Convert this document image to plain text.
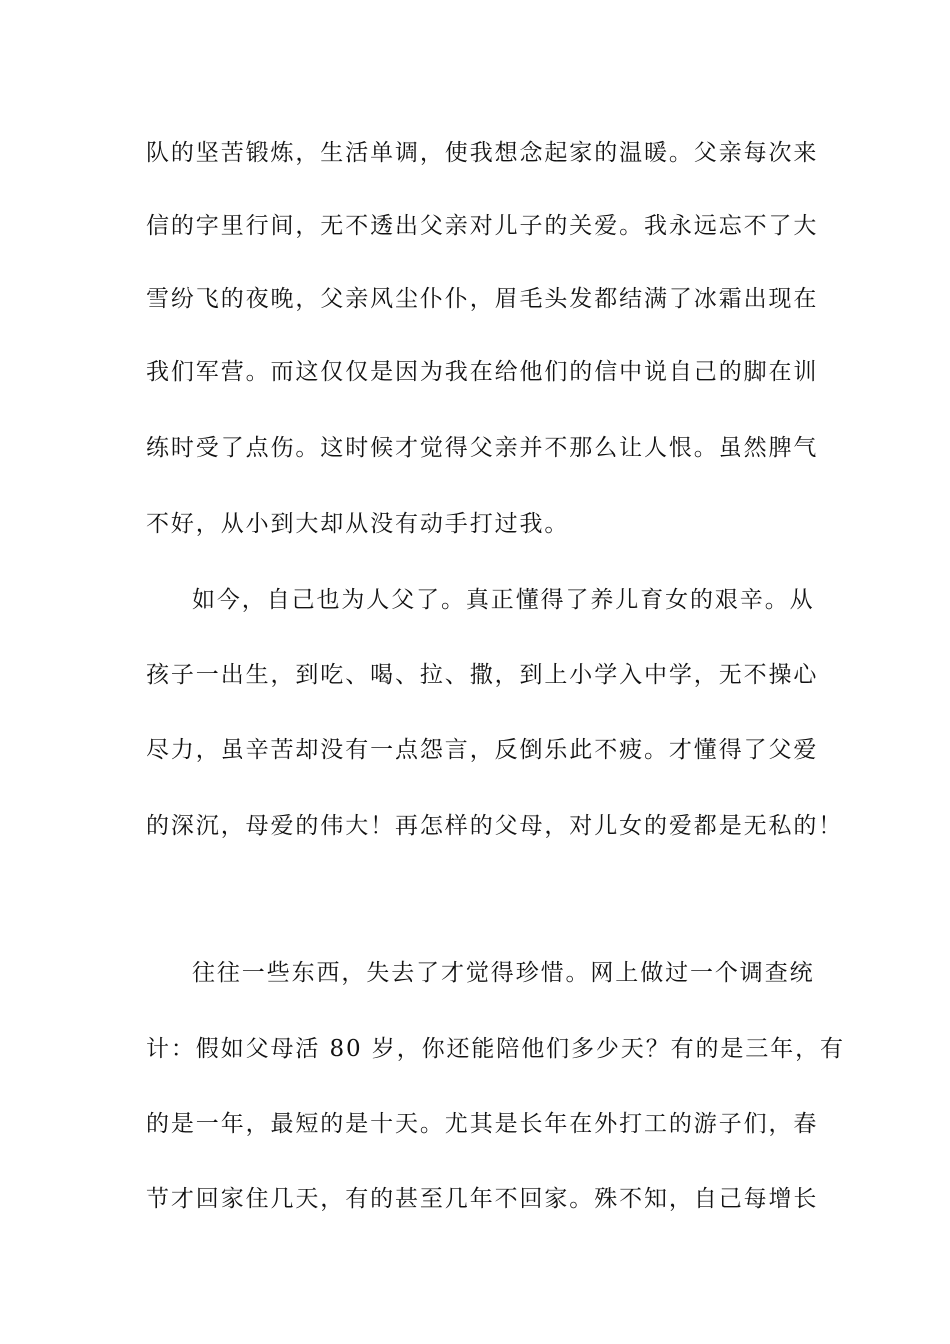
队的坚苦锻炼，生活单调，使我想念起家的温暖。父亲每次来
信的字里行间，无不透出父亲对儿子的关爱。我永远忘不了大
雪纷飞的夜晚，父亲风尘仆仆，眉毛头发都结满了冰霜出现在
我们军营。而这仅仅是因为我在给他们的信中说自己的脚在训
练时受了点伤。这时候才觉得父亲并不那么让人恨。虽然脾气
不好，从小到大却从没有动手打过我。
如今，自己也为人父了。真正懂得了养儿育女的艰辛。从
孩子一出生，到吃、喝、拉、撒，到上小学入中学，无不操心
尽力，虽辛苦却没有一点怨言，反倒乐此不疲。才懂得了父爱
的深沉，母爱的伟大！再怎样的父母，对儿女的爱都是无私的！
往往一些东西，失去了才觉得珍惜。网上做过一个调查统
计：假如父母活 80 岁，你还能陪他们多少天？有的是三年，有
的是一年，最短的是十天。尤其是长年在外打工的游子们，春
节才回家住几天，有的甚至几年不回家。殊不知，自己每增长
